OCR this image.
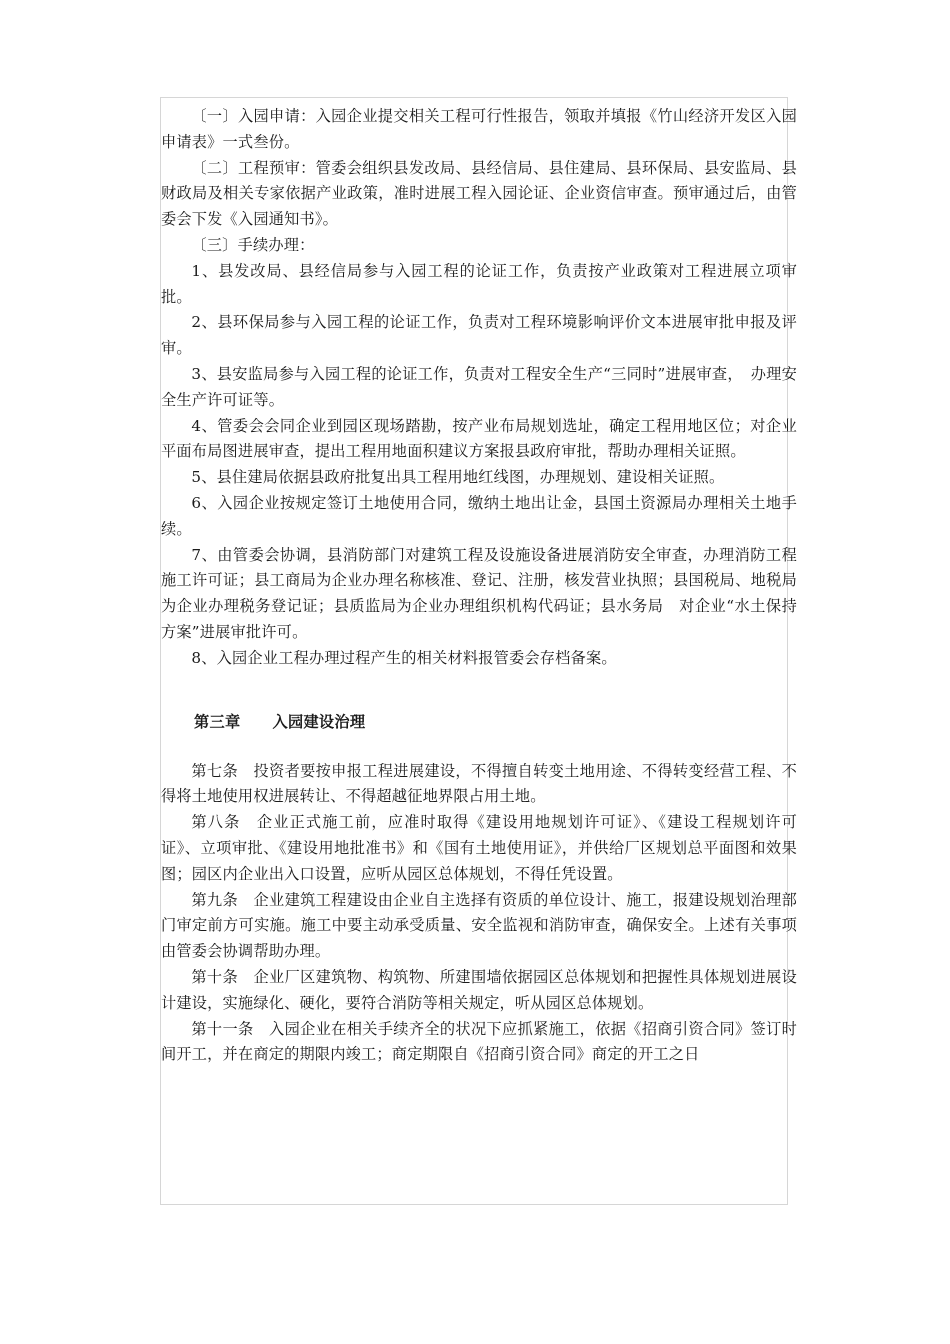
〔一〕入园申请：入园企业提交相关工程可行性报告，领取并填报《竹山经济开发区入园申请表》一式叁份。

〔二〕工程预审：管委会组织县发改局、县经信局、县住建局、县环保局、县安监局、县财政局及相关专家依据产业政策，准时进展工程入园论证、企业资信审查。预审通过后，由管委会下发《入园通知书》。

〔三〕手续办理：

1、县发改局、县经信局参与入园工程的论证工作，负责按产业政策对工程进展立项审批。

2、县环保局参与入园工程的论证工作，负责对工程环境影响评价文本进展审批申报及评审。

3、县安监局参与入园工程的论证工作，负责对工程安全生产“三同时”进展审查，　办理安全生产许可证等。

4、管委会会同企业到园区现场踏勘，按产业布局规划选址，确定工程用地区位；对企业平面布局图进展审查，提出工程用地面积建议方案报县政府审批，帮助办理相关证照。

5、县住建局依据县政府批复出具工程用地红线图，办理规划、建设相关证照。

6、入园企业按规定签订土地使用合同，缴纳土地出让金，县国土资源局办理相关土地手续。

7、由管委会协调，县消防部门对建筑工程及设施设备进展消防安全审查，办理消防工程施工许可证；县工商局为企业办理名称核准、登记、注册，核发营业执照；县国税局、地税局为企业办理税务登记证；县质监局为企业办理组织机构代码证；县水务局　对企业“水土保持方案”进展审批许可。

8、入园企业工程办理过程产生的相关材料报管委会存档备案。

第三章 入园建设治理

第七条　投资者要按申报工程进展建设，不得擅自转变土地用途、不得转变经营工程、不得将土地使用权进展转让、不得超越征地界限占用土地。

第八条　企业正式施工前，应准时取得《建设用地规划许可证》、《建设工程规划许可证》、立项审批、《建设用地批准书》和《国有土地使用证》，并供给厂区规划总平面图和效果图；园区内企业出入口设置，应听从园区总体规划，不得任凭设置。

第九条　企业建筑工程建设由企业自主选择有资质的单位设计、施工，报建设规划治理部门审定前方可实施。施工中要主动承受质量、安全监视和消防审查，确保安全。上述有关事项由管委会协调帮助办理。

第十条　企业厂区建筑物、构筑物、所建围墙依据园区总体规划和把握性具体规划进展设计建设，实施绿化、硬化，要符合消防等相关规定，听从园区总体规划。

第十一条　入园企业在相关手续齐全的状况下应抓紧施工，依据《招商引资合同》签订时间开工，并在商定的期限内竣工；商定期限自《招商引资合同》商定的开工之日
